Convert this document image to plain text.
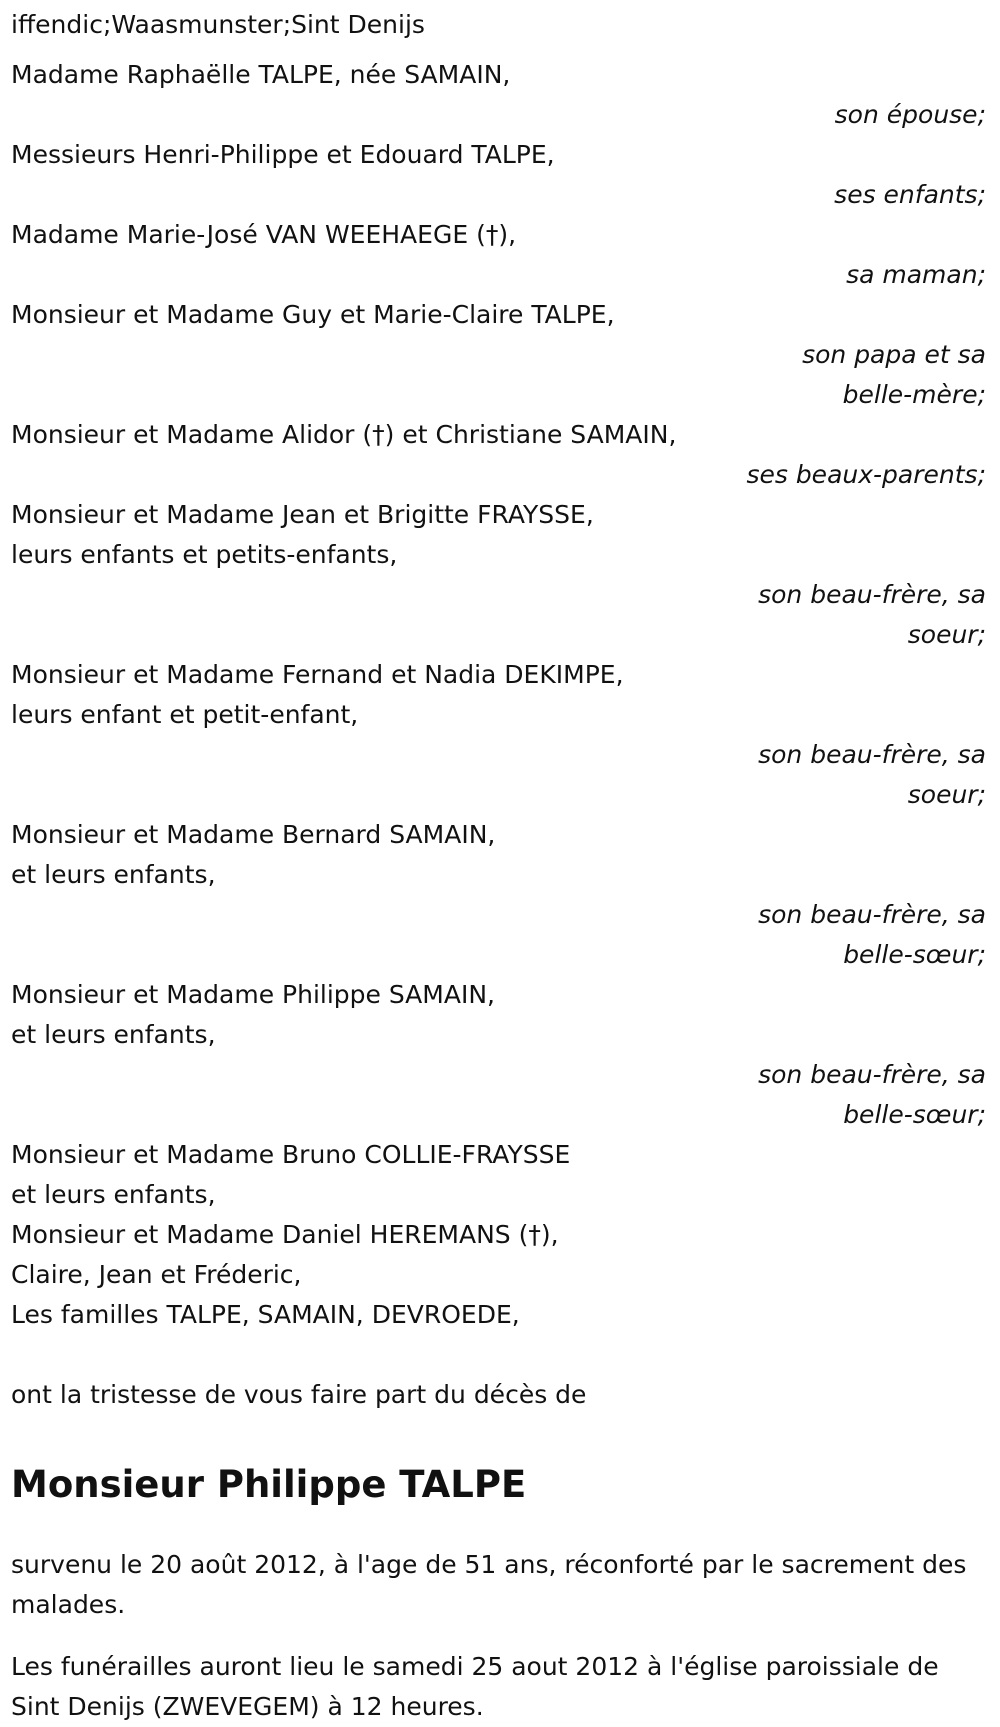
iffendic;Waasmunster;Sint Denijs
Madame Raphaëlle TALPE, née SAMAIN,
son épouse;
Messieurs Henri-Philippe et Edouard TALPE,
ses enfants;
Madame Marie-José VAN WEEHAEGE (†),
sa maman;
Monsieur et Madame Guy et Marie-Claire TALPE,
son papa et sa
belle-mère;
Monsieur et Madame Alidor (†) et Christiane SAMAIN,
ses beaux-parents;
Monsieur et Madame Jean et Brigitte FRAYSSE,
leurs enfants et petits-enfants,
son beau-frère, sa
soeur;
Monsieur et Madame Fernand et Nadia DEKIMPE,
leurs enfant et petit-enfant,
son beau-frère, sa
soeur;
Monsieur et Madame Bernard SAMAIN,
et leurs enfants,
son beau-frère, sa
belle-sœur;
Monsieur et Madame Philippe SAMAIN,
et leurs enfants,
son beau-frère, sa
belle-sœur;
Monsieur et Madame Bruno COLLIE-FRAYSSE
et leurs enfants,
Monsieur et Madame Daniel HEREMANS (†),
Claire, Jean et Fréderic,
Les familles TALPE, SAMAIN, DEVROEDE,
ont la tristesse de vous faire part du décès de
Monsieur Philippe TALPE

survenu le 20 août 2012, à l'age de 51 ans, réconforté par le sacrement des malades.

Les funérailles auront lieu le samedi 25 aout 2012 à l'église paroissiale de Sint Denijs (ZWEVEGEM) à 12 heures.
